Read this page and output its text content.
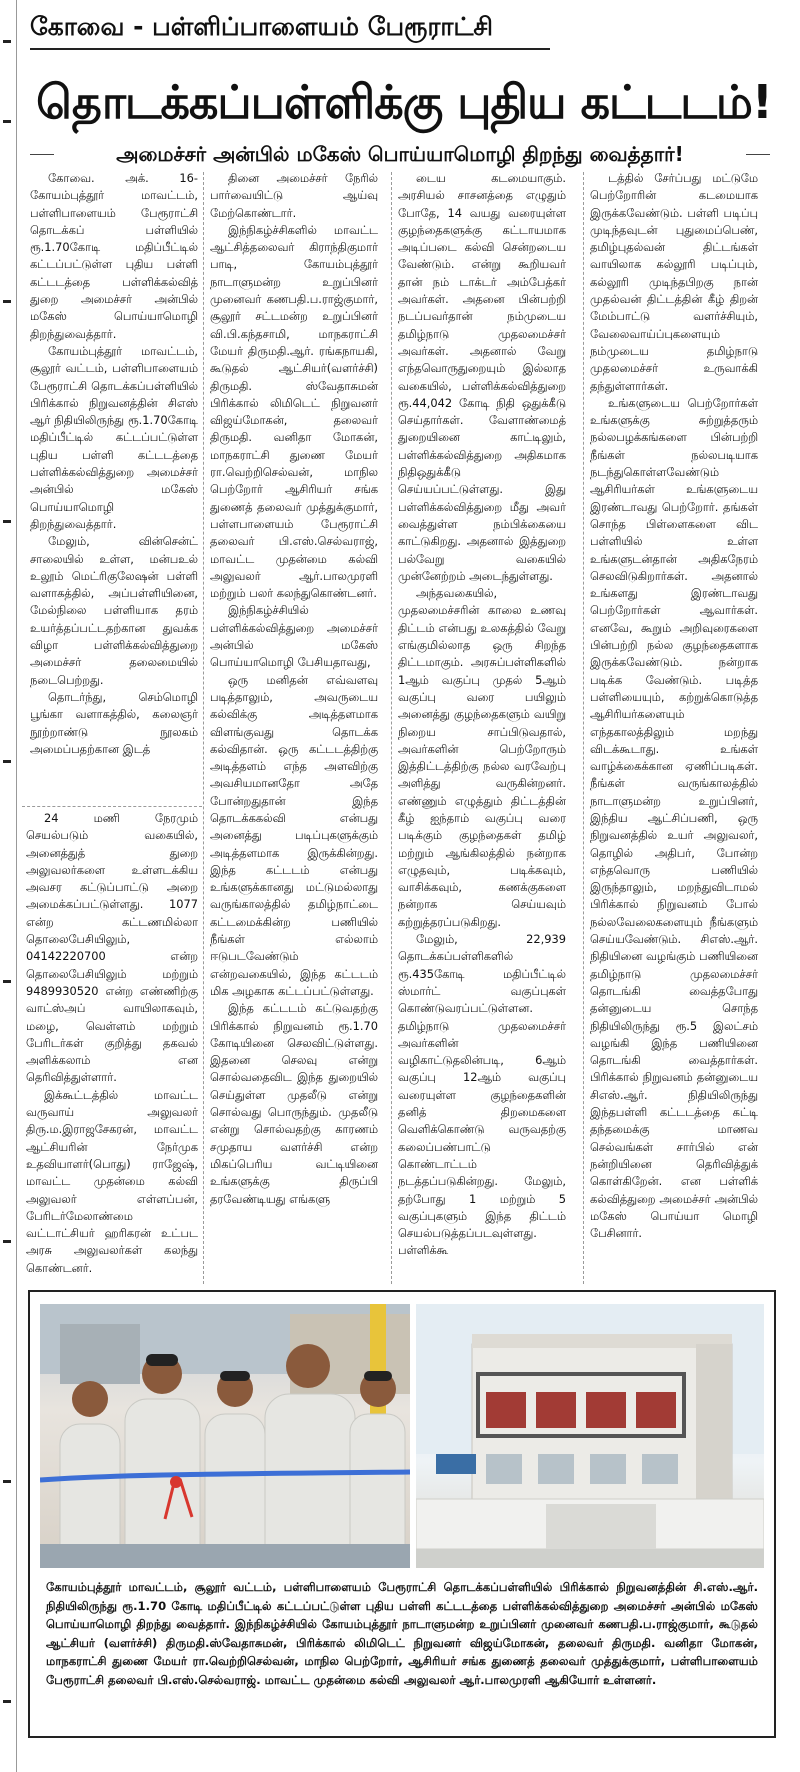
கோவை - பள்ளிப்பாளையம் பேரூராட்சி
தொடக்கப்பள்ளிக்கு புதிய கட்டடம்!
அமைச்சர் அன்பில் மகேஸ் பொய்யாமொழி திறந்து வைத்தார்!

கோவை. அக். 16- கோயம்புத்தூர் மாவட்டம், பள்ளிபாளையம் பேரூராட்சி தொடக்கப் பள்ளியில் ரூ.1.70கோடி மதிப்பீட்டில் கட்டப்பட்டுள்ள புதிய பள்ளி கட்டடத்தை பள்ளிக்கல்வித் துறை அமைச்சர் அன்பில் மகேஸ் பொய்யாமொழி திறந்துவைத்தார்.

கோயம்புத்தூர் மாவட்டம், சூலூர் வட்டம், பள்ளிபாளையம் பேரூராட்சி தொடக்கப்பள்ளியில் பிரிக்கால் நிறுவனத்தின் சிஎஸ் ஆர் நிதியிலிருந்து ரூ.1.70கோடி மதிப்பீட்டில் கட்டப்பட்டுள்ள புதிய பள்ளி கட்டடத்தை பள்ளிக்கல்வித்துறை அமைச்சர் அன்பில் மகேஸ் பொய்யாமொழி திறந்துவைத்தார்.

மேலும், வின்சென்ட் சாலையில் உள்ள, மன்பஉல் உலூம் மெட்ரிகுலேஷன் பள்ளி வளாகத்தில், அப்பள்ளியினை, மேல்நிலை பள்ளியாக தரம் உயர்த்தப்பட்டதற்கான துவக்க விழா பள்ளிக்கல்வித்துறை அமைச்சர் தலைமையில் நடைபெற்றது.

தொடர்ந்து, செம்மொழி பூங்கா வளாகத்தில், கலைஞர் நூற்றாண்டு நூலகம் அமைப்பதற்கான இடத்

24 மணி நேரமும் செயல்படும் வகையில், அனைத்துத் துறை அலுவலர்களை உள்ளடக்கிய அவசர கட்டுப்பாட்டு அறை அமைக்கப்பட்டுள்ளது. 1077 என்ற கட்டணமில்லா தொலைபேசியிலும், 04142220700 என்ற தொலைபேசியிலும் மற்றும் 9489930520 என்ற எண்ணிற்கு வாட்ஸ்அப் வாயிலாகவும், மழை, வெள்ளம் மற்றும் பேரிடர்கள் குறித்து தகவல் அளிக்கலாம் என தெரிவித்துள்ளார்.

இக்கூட்டத்தில் மாவட்ட வருவாய் அலுவலர் திரு.ம.இராஜசேகரன், மாவட்ட ஆட்சியரின் நேர்முக உதவியாளர்(பொது) ராஜேஷ், மாவட்ட முதன்மை கல்வி அலுவலர் எள்ளப்பன், பேரிடர்மேலாண்மை வட்டாட்சியர் ஹரிகரன் உட்பட அரசு அலுவலர்கள் கலந்து கொண்டனர்.

தினை அமைச்சர் நேரில் பார்வையிட்டு ஆய்வு மேற்கொண்டார்.

இந்நிகழ்ச்சிகளில் மாவட்ட ஆட்சித்தலைவர் கிராந்திகுமார் பாடி, கோயம்புத்தூர் நாடாளுமன்ற உறுப்பினர் முனைவர் கணபதி.ப.ராஜ்குமார், சூலூர் சட்டமன்ற உறுப்பினர் வி.பி.கந்தசாமி, மாநகராட்சி மேயர் திருமதி.ஆர். ரங்கநாயகி, கூடுதல் ஆட்சியர்(வளர்ச்சி) திருமதி. ஸ்வேதாசுமன் பிரிக்கால் லிமிடெட் நிறுவனர் விஜய்மோகன், தலைவர் திருமதி. வனிதா மோகன், மாநகராட்சி துணை மேயர் ரா.வெற்றிசெல்வன், மாநில பெற்றோர் ஆசிரியர் சங்க துணைத் தலைவர் முத்துக்குமார், பள்ளபாளையம் பேரூராட்சி தலைவர் பி.எஸ்.செல்வராஜ், மாவட்ட முதன்மை கல்வி அலுவலர் ஆர்.பாலமுரளி மற்றும் பலர் கலந்துகொண்டனர்.

இந்நிகழ்ச்சியில் பள்ளிக்கல்வித்துறை அமைச்சர் அன்பில் மகேஸ் பொய்யாமொழி பேசியதாவது,

ஒரு மனிதன் எவ்வளவு படித்தாலும், அவருடைய கல்விக்கு அடித்தளமாக விளங்குவது தொடக்க கல்விதான். ஒரு கட்டடத்திற்கு அடித்தளம் எந்த அளவிற்கு அவசியமானதோ அதே போன்றதுதான் இந்த தொடக்ககல்வி என்பது அனைத்து படிப்புகளுக்கும் அடித்தளமாக இருக்கின்றது. இந்த கட்டடம் என்பது உங்களுக்கானது மட்டுமல்லாது வருங்காலத்தில் தமிழ்நாட்டை கட்டமைக்கின்ற பணியில் நீங்கள் எல்லாம் ஈடுபடவேண்டும் என்றவகையில், இந்த கட்டடம் மிக அழகாக கட்டப்பட்டுள்ளது.

இந்த கட்டடம் கட்டுவதற்கு பிரிக்கால் நிறுவனம் ரூ.1.70 கோடியினை செலவிட்டுள்ளது. இதனை செலவு என்று சொல்வதைவிட இந்த துறையில் செய்துள்ள முதலீடு என்று சொல்வது பொருந்தும். முதலீடு என்று சொல்வதற்கு காரணம் சமுதாய வளர்ச்சி என்ற மிகப்பெரிய வட்டியினை உங்களுக்கு திருப்பி தரவேண்டியது எங்களு

டைய கடமையாகும். அரசியல் சாசனத்தை எழுதும் போதே, 14 வயது வரையுள்ள குழந்தைகளுக்கு கட்டாயமாக அடிப்படை கல்வி சென்றடைய வேண்டும். என்று கூறியவர் தான் நம் டாக்டர் அம்பேத்கர் அவர்கள். அதனை பின்பற்றி நடப்பவர்தான் நம்முடைய தமிழ்நாடு முதலமைச்சர் அவர்கள். அதனால் வேறு எந்தவொருதுறையும் இல்லாத வகையில், பள்ளிக்கல்வித்துறை ரூ.44,042 கோடி நிதி ஒதுக்கீடு செய்தார்கள். வேளாண்மைத் துறையினை காட்டிலும், பள்ளிக்கல்வித்துறை அதிகமாக நிதிஒதுக்கீடு செய்யப்பட்டுள்ளது. இது பள்ளிக்கல்வித்துறை மீது அவர் வைத்துள்ள நம்பிக்கையை காட்டுகிறது. அதனால் இத்துறை பல்வேறு வகையில் முன்னேற்றம் அடைந்துள்ளது.

அந்தவகையில், முதலமைச்சரின் காலை உணவு திட்டம் என்பது உலகத்தில் வேறு எங்குமில்லாத ஒரு சிறந்த திட்டமாகும். அரசுப்பள்ளிகளில் 1ஆம் வகுப்பு முதல் 5ஆம் வகுப்பு வரை பயிலும் அனைத்து குழந்தைகளும் வயிறு நிறைய சாப்பிடுவதால், அவர்களின் பெற்றோரும் இத்திட்டத்திற்கு நல்ல வரவேற்பு அளித்து வருகின்றனர். எண்ணும் எழுத்தும் திட்டத்தின் கீழ் ஐந்தாம் வகுப்பு வரை படிக்கும் குழந்தைகள் தமிழ் மற்றும் ஆங்கிலத்தில் நன்றாக எழுதவும், படிக்கவும், வாசிக்கவும், கணக்குகளை நன்றாக செய்யவும் கற்றுத்தரப்படுகிறது.

மேலும், 22,939 தொடக்கப்பள்ளிகளில் ரூ.435கோடி மதிப்பீட்டில் ஸ்மார்ட் வகுப்புகள் கொண்டுவரப்பட்டுள்ளன. தமிழ்நாடு முதலமைச்சர் அவர்களின் வழிகாட்டுதலின்படி, 6ஆம் வகுப்பு 12ஆம் வகுப்பு வரையுள்ள குழந்தைகளின் தனித் திறமைகளை வெளிக்கொண்டு வருவதற்கு கலைப்பண்பாட்டு கொண்டாட்டம் நடத்தப்படுகின்றது. மேலும், தற்போது 1 மற்றும் 5 வகுப்புகளும் இந்த திட்டம் செயல்படுத்தப்படவுள்ளது. பள்ளிக்கூ

டத்தில் சேர்ப்பது மட்டுமே பெற்றோரின் கடமையாக இருக்கவேண்டும். பள்ளி படிப்பு முடிந்தவுடன் புதுமைப்பெண், தமிழ்புதல்வன் திட்டங்கள் வாயிலாக கல்லூரி படிப்பும், கல்லூரி முடிந்தபிறகு நான் முதல்வன் திட்டத்தின் கீழ் திறன் மேம்பாட்டு வளர்ச்சியும், வேலைவாய்ப்புகளையும் நம்முடைய தமிழ்நாடு முதலமைச்சர் உருவாக்கி தந்துள்ளார்கள்.

உங்களுடைய பெற்றோர்கள் உங்களுக்கு சுற்றுத்தரும் நல்லபழக்கங்களை பின்பற்றி நீங்கள் நல்லபடியாக நடந்துகொள்ளவேண்டும் ஆசிரியர்கள் உங்களுடைய இரண்டாவது பெற்றோர். தங்கள் சொந்த பிள்ளைகளை விட பள்ளியில் உள்ள உங்களுடன்தான் அதிகநேரம் செலவிடுகிறார்கள். அதனால் உங்களது இரண்டாவது பெற்றோர்கள் ஆவார்கள். எனவே, கூறும் அறிவுரைகளை பின்பற்றி நல்ல குழந்தைகளாக இருக்கவேண்டும். நன்றாக படிக்க வேண்டும். படித்த பள்ளியையும், கற்றுக்கொடுத்த ஆசிரியர்களையும் எந்தகாலத்திலும் மறந்து விடக்கூடாது. உங்கள் வாழ்க்கைக்கான ஏணிப்படிகள். நீங்கள் வருங்காலத்தில் நாடாளுமன்ற உறுப்பினர், இந்திய ஆட்சிப்பணி, ஒரு நிறுவனத்தில் உயர் அலுவலர், தொழில் அதிபர், போன்ற எந்தவொரு பணியில் இருந்தாலும், மறந்துவிடாமல் பிரிக்கால் நிறுவனம் போல் நல்லவேலைகளையும் நீங்களும் செய்யவேண்டும். சிஎஸ்.ஆர். நிதியினை வழங்கும் பணியினை தமிழ்நாடு முதலமைச்சர் தொடங்கி வைத்தபோது தன்னுடைய சொந்த நிதியிலிருந்து ரூ.5 இலட்சம் வழங்கி இந்த பணியினை தொடங்கி வைத்தார்கள். பிரிக்கால் நிறுவனம் தன்னுடைய சிஎஸ்.ஆர். நிதியிலிருந்து இந்தபள்ளி கட்டடத்தை கட்டி தந்தமைக்கு மாணவ செல்வங்கள் சார்பில் என் நன்றியினை தெரிவித்துக் கொள்கிறேன். என பள்ளிக் கல்வித்துறை அமைச்சர் அன்பில் மகேஸ் பொய்யா மொழி பேசினார்.

கோயம்புத்தூர் மாவட்டம், சூலூர் வட்டம், பள்ளிபாளையம் பேரூராட்சி தொடக்கப்பள்ளியில் பிரிக்கால் நிறுவனத்தின் சி.எஸ்.ஆர். நிதியிலிருந்து ரூ.1.70 கோடி மதிப்பீட்டில் கட்டப்பட்டுள்ள புதிய பள்ளி கட்டடத்தை பள்ளிக்கல்வித்துறை அமைச்சர் அன்பில் மகேஸ் பொய்யாமொழி திறந்து வைத்தார். இந்நிகழ்ச்சியில் கோயம்புத்தூர் நாடாளுமன்ற உறுப்பினர் முனைவர் கணபதி.ப.ராஜ்குமார், கூடுதல் ஆட்சியர் (வளர்ச்சி) திருமதி.ஸ்வேதாசுமன், பிரிக்கால் லிமிடெட் நிறுவனர் விஜய்மோகன், தலைவர் திருமதி. வனிதா மோகன், மாநகராட்சி துணை மேயர் ரா.வெற்றிசெல்வன், மாநில பெற்றோர், ஆசிரியர் சங்க துணைத் தலைவர் முத்துக்குமார், பள்ளிபாளையம் பேரூராட்சி தலைவர் பி.எஸ்.செல்வராஜ். மாவட்ட முதன்மை கல்வி அலுவலர் ஆர்.பாலமுரளி ஆகியோர் உள்ளனர்.
